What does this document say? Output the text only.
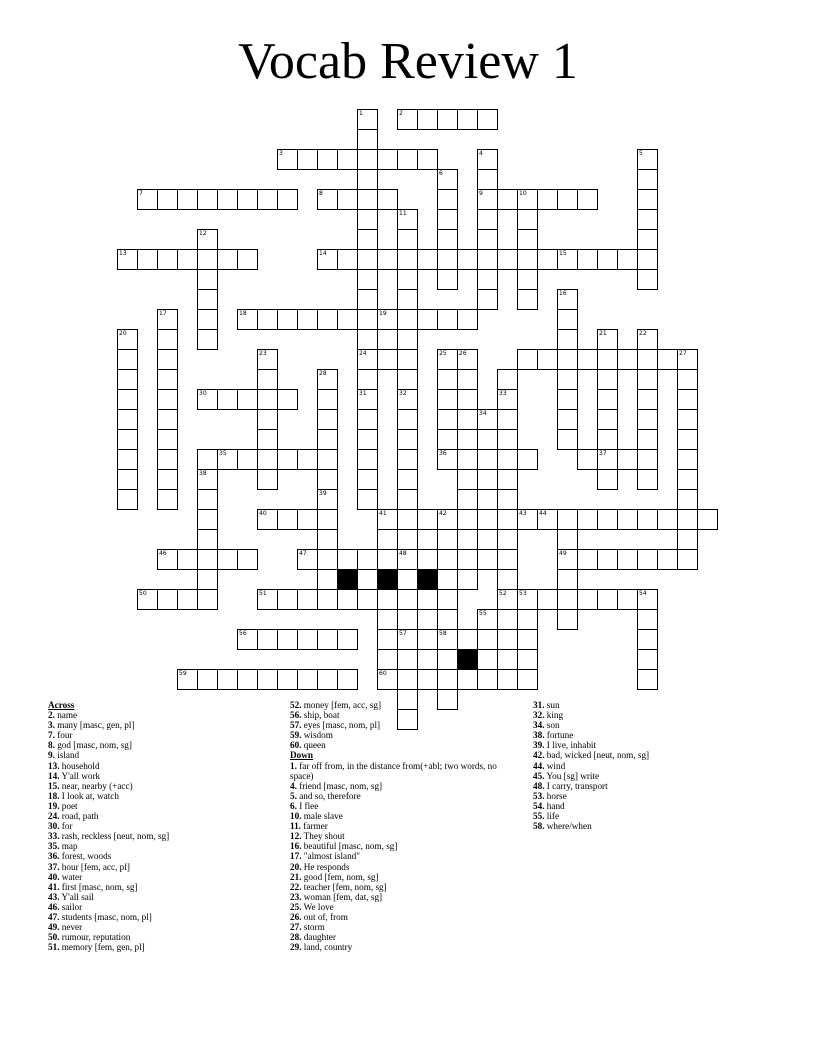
Vocab Review 1
2
3
7	8	9	10
13	14	15
18	19
24
30
35	36	37
40	41	42	43 44
46	47	48	49
50	51	52 53
56	57	58
59	60
1
31
4	5
6
11
32
12
16
17
20	21	22
23	25 26	27
28
39
33
34
38
54
55
Across
2. name
3. many [masc, gen, pl]
7. four
8. god [masc, nom, sg]
9. island
13. household
14. Y'all work
15. near, nearby (+acc)
18. I look at, watch
19. poet
24. road, path
30. for
33. rash, reckless [neut, nom, sg]
35. map
36. forest, woods
37. hour [fem, acc, pl]
40. water
41. first [masc, nom, sg]
43. Y'all sail
46. sailor
47. students [masc, nom, pl]
49. never
50. rumour, reputation
51. memory [fem, gen, pl]
52. money [fem, acc, sg]
56. ship, boat
57. eyes [masc, nom, pl]
59. wisdom
60. queen
Down
1. far off from, in the distance from(+abl; two words, no space)
4. friend [masc, nom, sg]
5. and so, therefore
6. I flee
10. male slave
11. farmer
12. They shout
16. beautiful [masc, nom, sg]
17. "almost island"
20. He responds
21. good [fem, nom, sg]
22. teacher [fem, nom, sg]
23. woman [fem, dat, sg]
25. We love
26. out of, from
27. storm
28. daughter
29. land, country
31. sun
32. king
34. son
38. fortune
39. I live, inhabit
42. bad, wicked [neut, nom, sg]
44. wind
45. You [sg] write
48. I carry, transport
53. horse
54. hand
55. life
58. where/when
